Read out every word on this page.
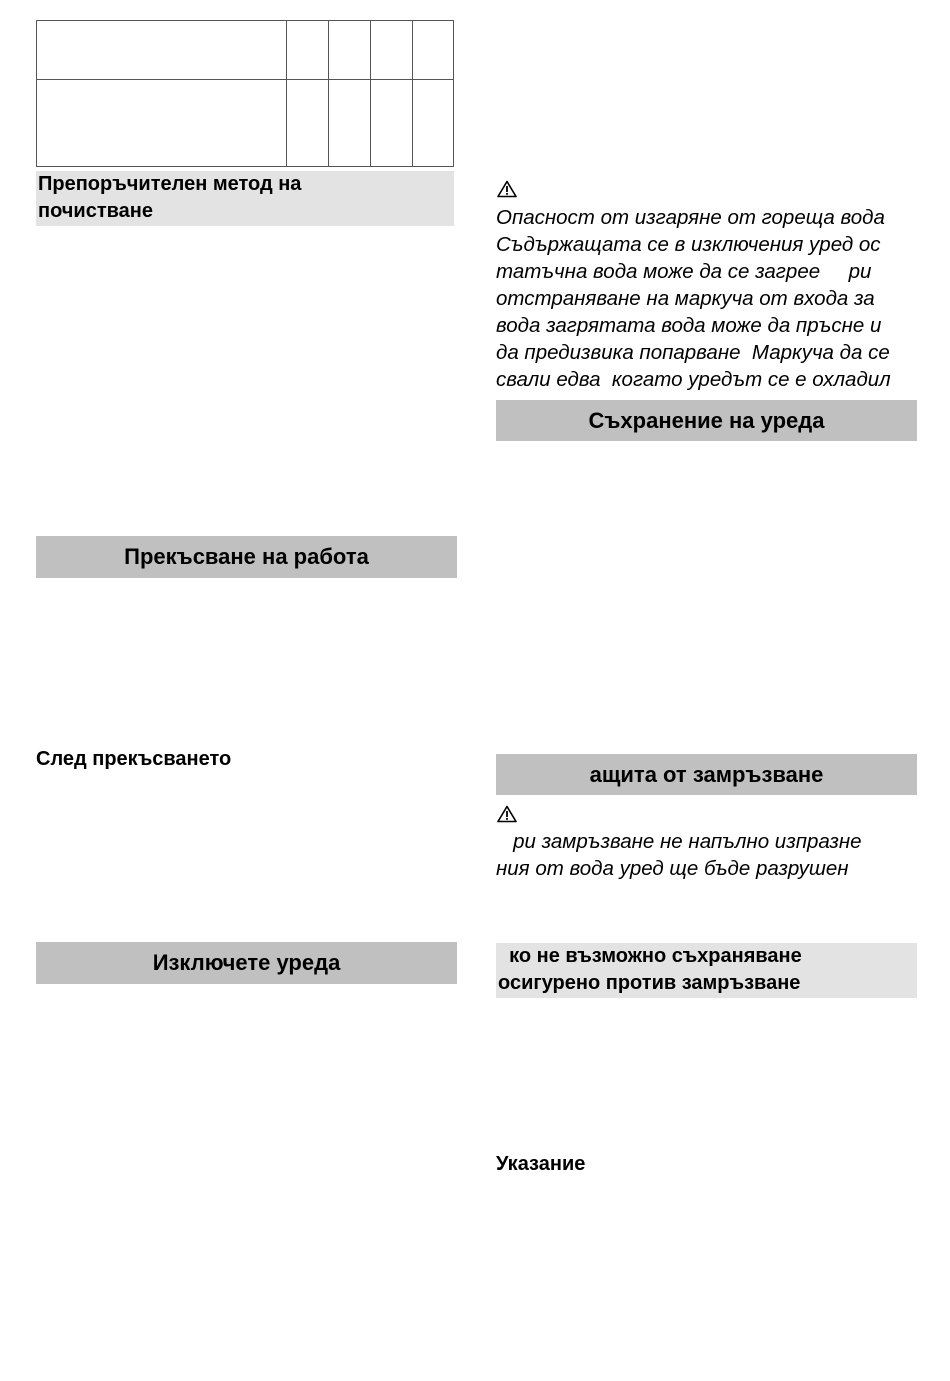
Препоръчителен метод на
почистване
Прекъсване на работа
След прекъсването
Изключете уреда
Опасност от изгаряне от гореща вода
Съдържащата се в изключения уред ос
татъчна вода може да се загрее     ри
отстраняване на маркуча от входа за
вода загрятата вода може да пръсне и
да предизвика попарване  Маркуча да се
свали едва  когато уредът се е охладил
Съхранение на уреда
ащита от замръзване
ри замръзване не напълно изпразне
ния от вода уред ще бъде разрушен
ко не възможно съхраняване
осигурено против замръзване
Указание
